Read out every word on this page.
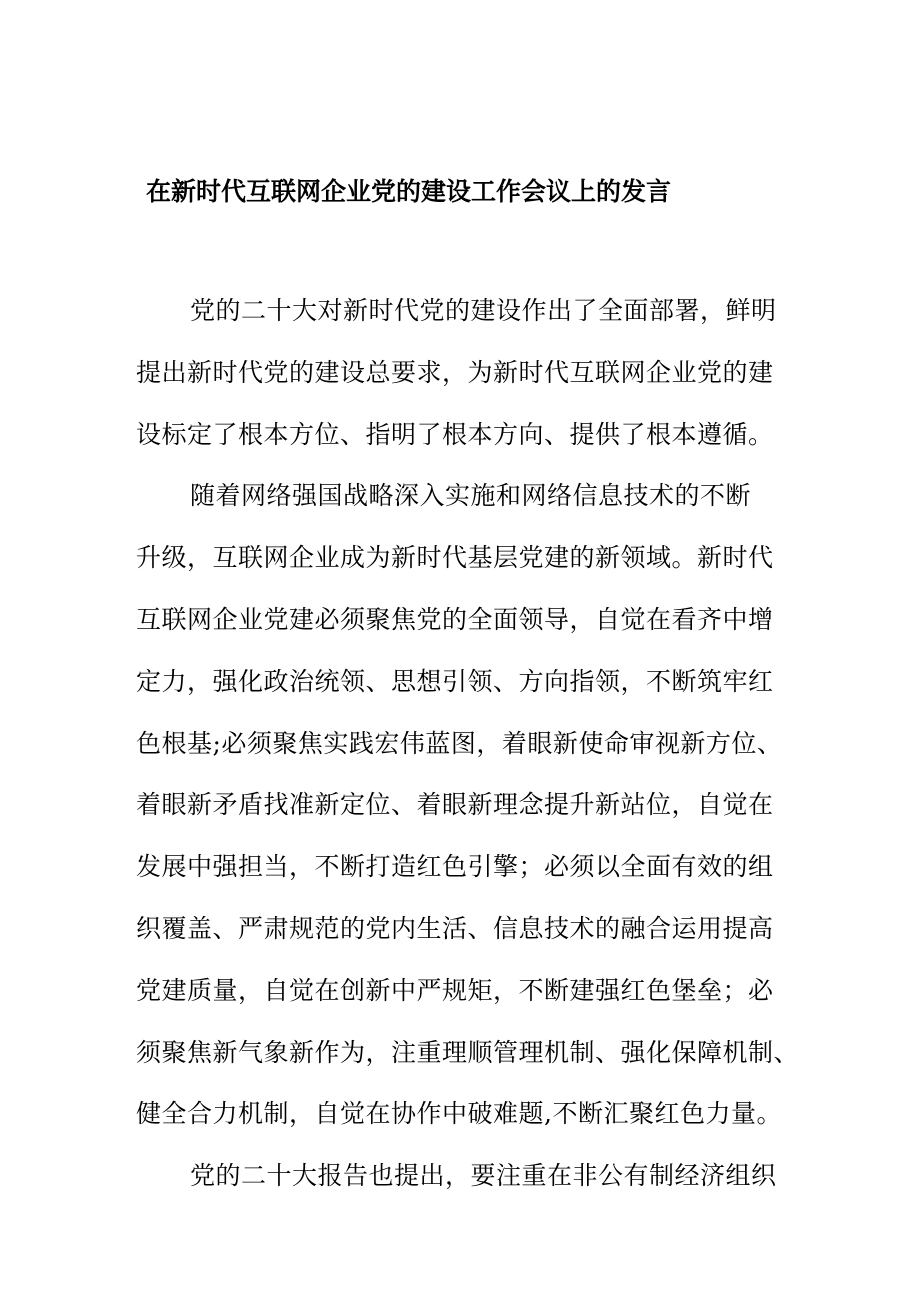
在新时代互联网企业党的建设工作会议上的发言
党的二十大对新时代党的建设作出了全面部署，鲜明
提出新时代党的建设总要求，为新时代互联网企业党的建
设标定了根本方位、指明了根本方向、提供了根本遵循。
随着网络强国战略深入实施和网络信息技术的不断
升级，互联网企业成为新时代基层党建的新领域。新时代
互联网企业党建必须聚焦党的全面领导，自觉在看齐中增
定力，强化政治统领、思想引领、方向指领，不断筑牢红
色根基;必须聚焦实践宏伟蓝图，着眼新使命审视新方位、
着眼新矛盾找准新定位、着眼新理念提升新站位，自觉在
发展中强担当，不断打造红色引擎；必须以全面有效的组
织覆盖、严肃规范的党内生活、信息技术的融合运用提高
党建质量，自觉在创新中严规矩，不断建强红色堡垒；必
须聚焦新气象新作为，注重理顺管理机制、强化保障机制、
健全合力机制，自觉在协作中破难题,不断汇聚红色力量。
党的二十大报告也提出，要注重在非公有制经济组织
